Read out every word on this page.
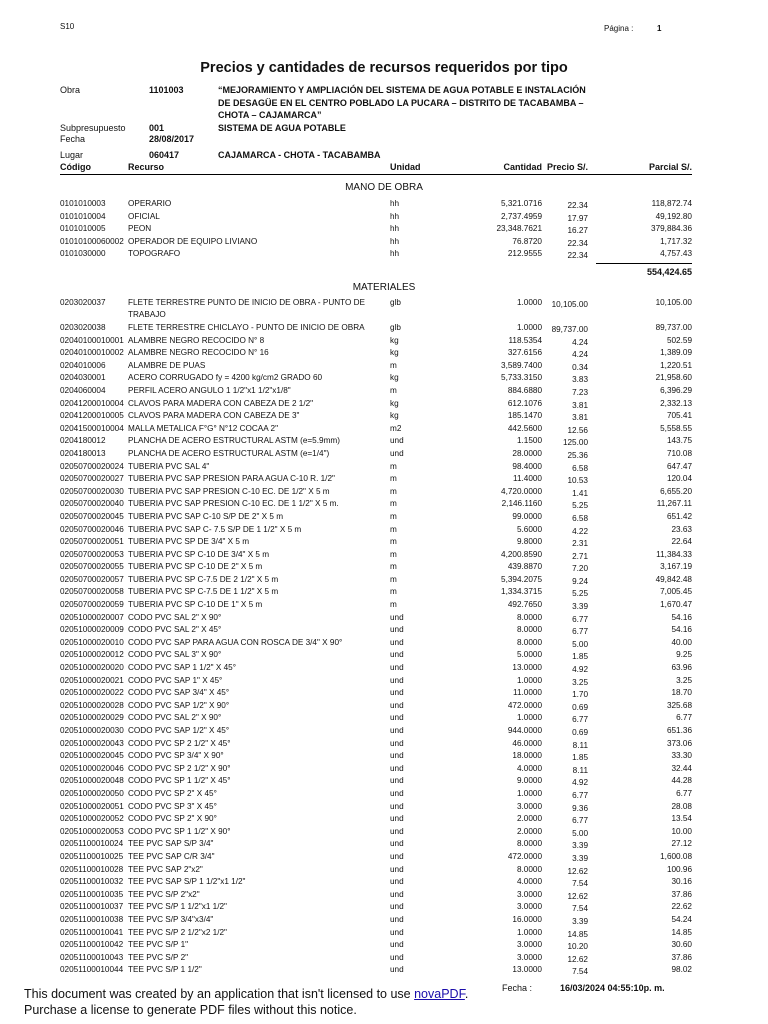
S10	Página :	1
Precios y cantidades de recursos requeridos por tipo
Obra	1101003	“MEJORAMIENTO Y AMPLIACIÓN DEL SISTEMA DE AGUA POTABLE E INSTALACIÓN DE DESAGÜE EN EL CENTRO POBLADO LA PUCARA – DISTRITO DE TACABAMBA – CHOTA – CAJAMARCA”
Subpresupuesto	001	SISTEMA DE AGUA POTABLE
Fecha	28/08/2017
Lugar	060417	CAJAMARCA - CHOTA - TACABAMBA
Código	Recurso	Unidad	Cantidad Precio S/.	Parcial S/.
MANO DE OBRA
0101010003	OPERARIO	hh	5,321.0716	22.34	118,872.74
0101010004	OFICIAL	hh	2,737.4959	17.97	49,192.80
0101010005	PEON	hh	23,348.7621	16.27	379,884.36
01010100060002 OPERADOR DE EQUIPO LIVIANO	hh	76.8720	22.34	1,717.32
0101030000	TOPOGRAFO	hh	212.9555	22.34	4,757.43
554,424.65
MATERIALES
0203020037	FLETE TERRESTRE PUNTO DE INICIO DE OBRA - PUNTO DE TRABAJO
glb	1.0000 10,105.00	10,105.00
0203020038	FLETE TERRESTRE CHICLAYO - PUNTO DE INICIO DE OBRA	glb	1.0000 89,737.00	89,737.00
02040100010001 ALAMBRE NEGRO RECOCIDO N° 8	kg	118.5354	4.24	502.59
02040100010002 ALAMBRE NEGRO RECOCIDO N° 16	kg	327.6156	4.24	1,389.09
0204010006	ALAMBRE DE PUAS	m	3,589.7400	0.34	1,220.51
0204030001	ACERO CORRUGADO fy = 4200 kg/cm2 GRADO 60	kg	5,733.3150	3.83	21,958.60
0204060004	PERFIL ACERO ANGULO 1 1/2"x1 1/2"x1/8"	m	884.6880	7.23	6,396.29
02041200010004 CLAVOS PARA MADERA CON CABEZA DE 2 1/2"	kg	612.1076	3.81	2,332.13
02041200010005 CLAVOS PARA MADERA CON CABEZA DE 3"	kg	185.1470	3.81	705.41
02041500010004 MALLA METALICA F°G° N°12 COCAA 2"	m2	442.5600	12.56	5,558.55
0204180012	PLANCHA DE ACERO ESTRUCTURAL ASTM (e=5.9mm)	und	1.1500	125.00	143.75
0204180013	PLANCHA DE ACERO ESTRUCTURAL ASTM (e=1/4")	und	28.0000	25.36	710.08
02050700020024 TUBERIA PVC SAL 4"	m	98.4000	6.58	647.47
02050700020027 TUBERIA PVC SAP PRESION PARA AGUA C-10 R. 1/2"	m	11.4000	10.53	120.04
02050700020030 TUBERIA PVC SAP PRESION C-10 EC. DE 1/2" X 5 m	m	4,720.0000	1.41	6,655.20
02050700020040 TUBERIA PVC SAP PRESION C-10 EC. DE 1 1/2" X 5 m.	m	2,146.1160	5.25	11,267.11
02050700020045 TUBERIA PVC SAP C-10 S/P DE 2" X 5 m	m	99.0000	6.58	651.42
02050700020046 TUBERIA PVC SAP C- 7.5 S/P DE 1 1/2" X 5 m	m	5.6000	4.22	23.63
02050700020051 TUBERIA PVC SP DE 3/4" X 5 m	m	9.8000	2.31	22.64
02050700020053 TUBERIA PVC SP C-10 DE 3/4" X 5 m	m	4,200.8590	2.71	11,384.33
02050700020055 TUBERIA PVC SP C-10 DE 2" X 5 m	m	439.8870	7.20	3,167.19
02050700020057 TUBERIA PVC SP C-7.5 DE 2 1/2" X 5 m	m	5,394.2075	9.24	49,842.48
02050700020058 TUBERIA PVC SP C-7.5 DE 1 1/2" X 5 m	m	1,334.3715	5.25	7,005.45
02050700020059 TUBERIA PVC SP C-10 DE 1" X 5 m	m	492.7650	3.39	1,670.47
02051000020007 CODO PVC SAL 2" X 90°	und	8.0000	6.77	54.16
02051000020009 CODO PVC SAL 2" X 45°	und	8.0000	6.77	54.16
02051000020010 CODO PVC SAP PARA AGUA CON ROSCA DE 3/4" X 90°	und	8.0000	5.00	40.00
02051000020012 CODO PVC SAL 3" X 90°	und	5.0000	1.85	9.25
02051000020020 CODO PVC SAP 1 1/2" X 45°	und	13.0000	4.92	63.96
02051000020021 CODO PVC SAP 1" X 45°	und	1.0000	3.25	3.25
02051000020022 CODO PVC SAP 3/4" X 45°	und	11.0000	1.70	18.70
02051000020028 CODO PVC SAP 1/2" X 90°	und	472.0000	0.69	325.68
02051000020029 CODO PVC SAL 2" X 90°	und	1.0000	6.77	6.77
02051000020030 CODO PVC SAP 1/2" X 45°	und	944.0000	0.69	651.36
02051000020043 CODO PVC SP 2 1/2" X 45°	und	46.0000	8.11	373.06
02051000020045 CODO PVC SP 3/4" X 90°	und	18.0000	1.85	33.30
02051000020046 CODO PVC SP 2 1/2" X 90°	und	4.0000	8.11	32.44
02051000020048 CODO PVC SP 1 1/2" X 45°	und	9.0000	4.92	44.28
02051000020050 CODO PVC SP 2" X 45°	und	1.0000	6.77	6.77
02051000020051 CODO PVC SP 3" X 45°	und	3.0000	9.36	28.08
02051000020052 CODO PVC SP 2" X 90°	und	2.0000	6.77	13.54
02051000020053 CODO PVC SP 1 1/2" X 90°	und	2.0000	5.00	10.00
02051100010024 TEE PVC SAP S/P 3/4"	und	8.0000	3.39	27.12
02051100010025 TEE PVC SAP C/R 3/4"	und	472.0000	3.39	1,600.08
02051100010028 TEE PVC SAP 2"x2"	und	8.0000	12.62	100.96
02051100010032 TEE PVC SAP S/P 1 1/2"x1 1/2"	und	4.0000	7.54	30.16
02051100010035 TEE PVC S/P 2"x2"	und	3.0000	12.62	37.86
02051100010037 TEE PVC S/P 1 1/2"x1 1/2"	und	3.0000	7.54	22.62
02051100010038 TEE PVC S/P 3/4"x3/4"	und	16.0000	3.39	54.24
02051100010041 TEE PVC S/P 2 1/2"x2 1/2"	und	1.0000	14.85	14.85
02051100010042 TEE PVC S/P 1"	und	3.0000	10.20	30.60
02051100010043 TEE PVC S/P 2"	und	3.0000	12.62	37.86
02051100010044 TEE PVC S/P 1 1/2"	und	13.0000	7.54	98.02
This document was created by an application that isn't licensed to use novaPDF.
Purchase a license to generate PDF files without this notice.
Fecha :	16/03/2024 04:55:10p. m.
